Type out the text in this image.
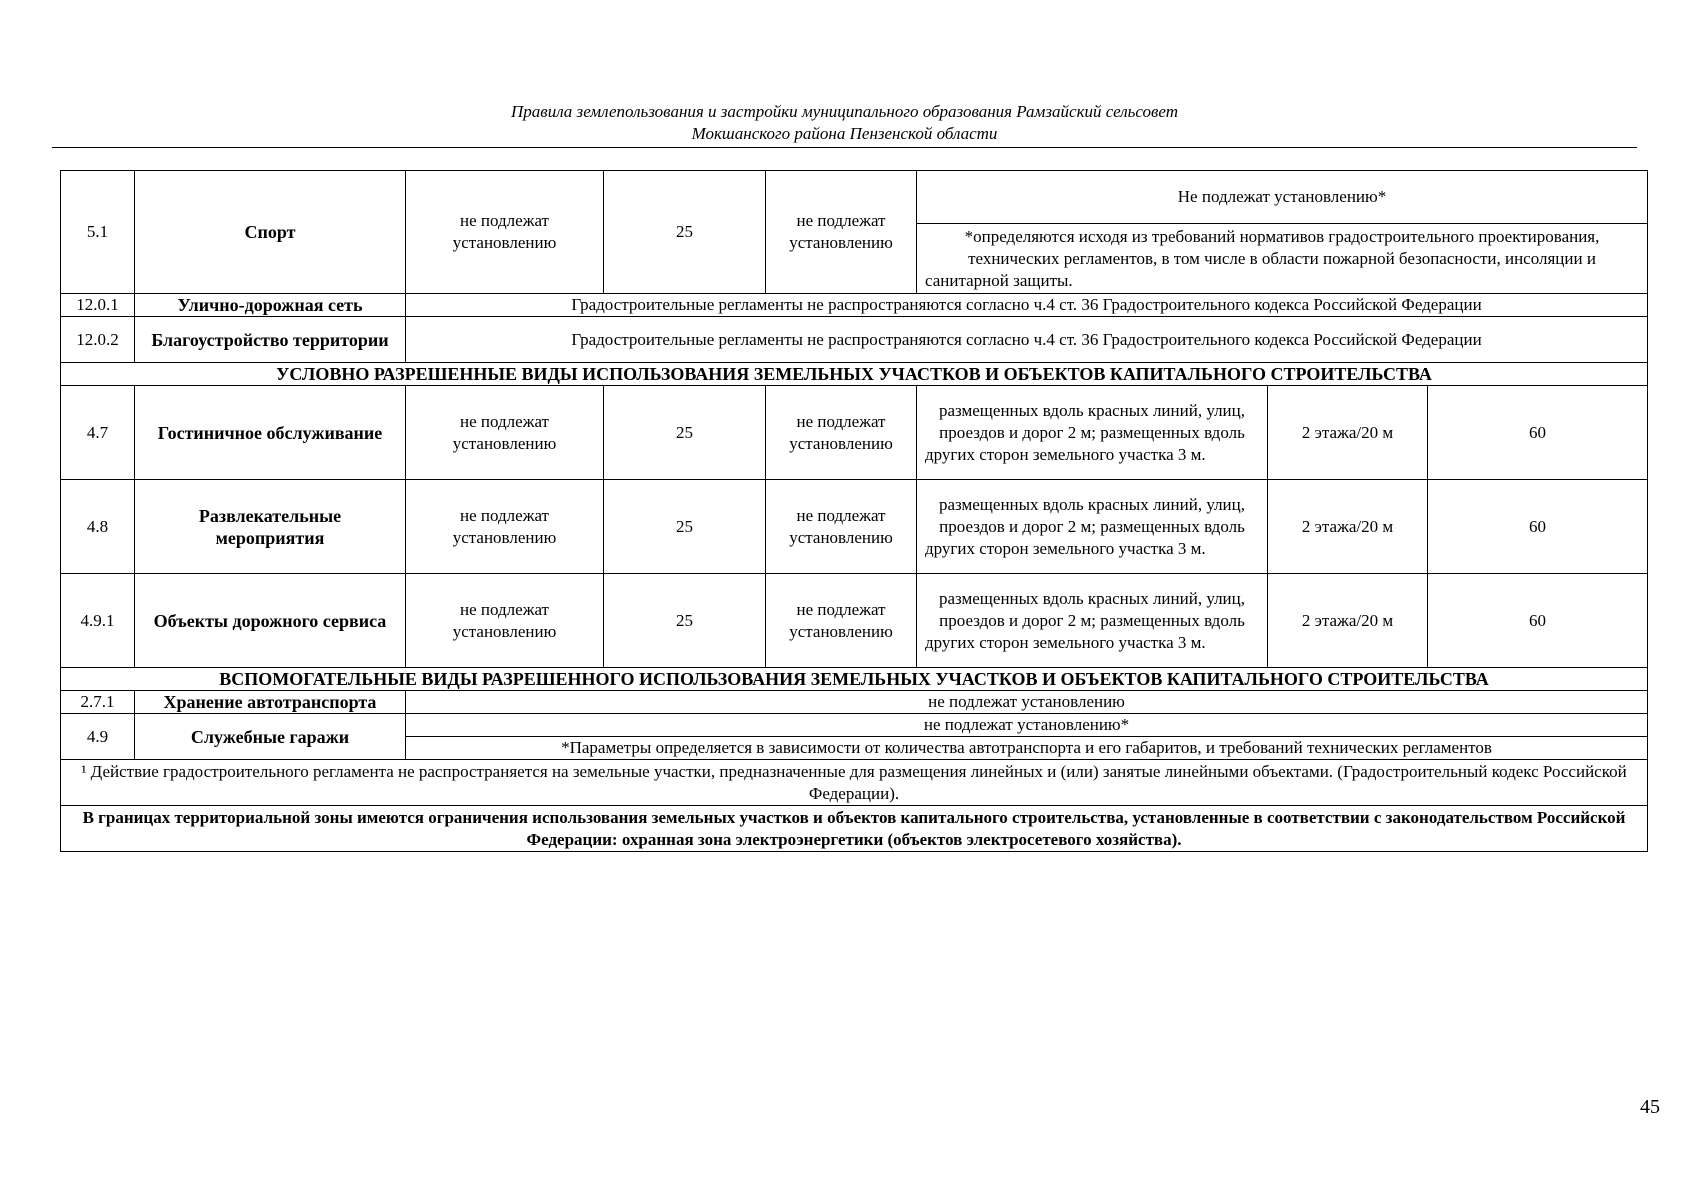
Правила землепользования и застройки муниципального образования Рамзайский сельсовет
Мокшанского района Пензенской области
5.1	Спорт	не подлежат установлению	25	не подлежат установлению	Не подлежат установлению*		
					*определяются исходя из требований нормативов градостроительного проектирования, технических регламентов, в том числе в области пожарной безопасности, инсоляции и санитарной защиты.		
12.0.1	Улично-дорожная сеть	Градостроительные регламенты не распространяются согласно ч.4 ст. 36 Градостроительного кодекса Российской Федерации					
12.0.2	Благоустройство территории	Градостроительные регламенты не распространяются согласно ч.4 ст. 36 Градостроительного кодекса Российской Федерации					
УСЛОВНО РАЗРЕШЕННЫЕ ВИДЫ ИСПОЛЬЗОВАНИЯ ЗЕМЕЛЬНЫХ УЧАСТКОВ И ОБЪЕКТОВ КАПИТАЛЬНОГО СТРОИТЕЛЬСТВА							
4.7	Гостиничное обслуживание	не подлежат установлению	25	не подлежат установлению	размещенных вдоль красных линий, улиц, проездов и дорог 2 м; размещенных вдоль других сторон земельного участка 3 м.	2 этажа/20 м	60
4.8	Развлекательные мероприятия	не подлежат установлению	25	не подлежат установлению	размещенных вдоль красных линий, улиц, проездов и дорог 2 м; размещенных вдоль других сторон земельного участка 3 м.	2 этажа/20 м	60
4.9.1	Объекты дорожного сервиса	не подлежат установлению	25	не подлежат установлению	размещенных вдоль красных линий, улиц, проездов и дорог 2 м; размещенных вдоль других сторон земельного участка 3 м.	2 этажа/20 м	60
ВСПОМОГАТЕЛЬНЫЕ ВИДЫ РАЗРЕШЕННОГО ИСПОЛЬЗОВАНИЯ ЗЕМЕЛЬНЫХ УЧАСТКОВ И ОБЪЕКТОВ КАПИТАЛЬНОГО СТРОИТЕЛЬСТВА							
2.7.1	Хранение автотранспорта	не подлежат установлению					
4.9	Служебные гаражи	не подлежат установлению*					
		*Параметры определяется в зависимости от количества автотранспорта и его габаритов, и требований технических регламентов					
¹ Действие градостроительного регламента не распространяется на земельные участки, предназначенные для размещения линейных и (или) занятые линейными объектами. (Градостроительный кодекс Российской Федерации).							
В границах территориальной зоны имеются ограничения использования земельных участков и объектов капитального строительства, установленные в соответствии с законодательством Российской Федерации: охранная зона электроэнергетики (объектов электросетевого хозяйства).							
45
